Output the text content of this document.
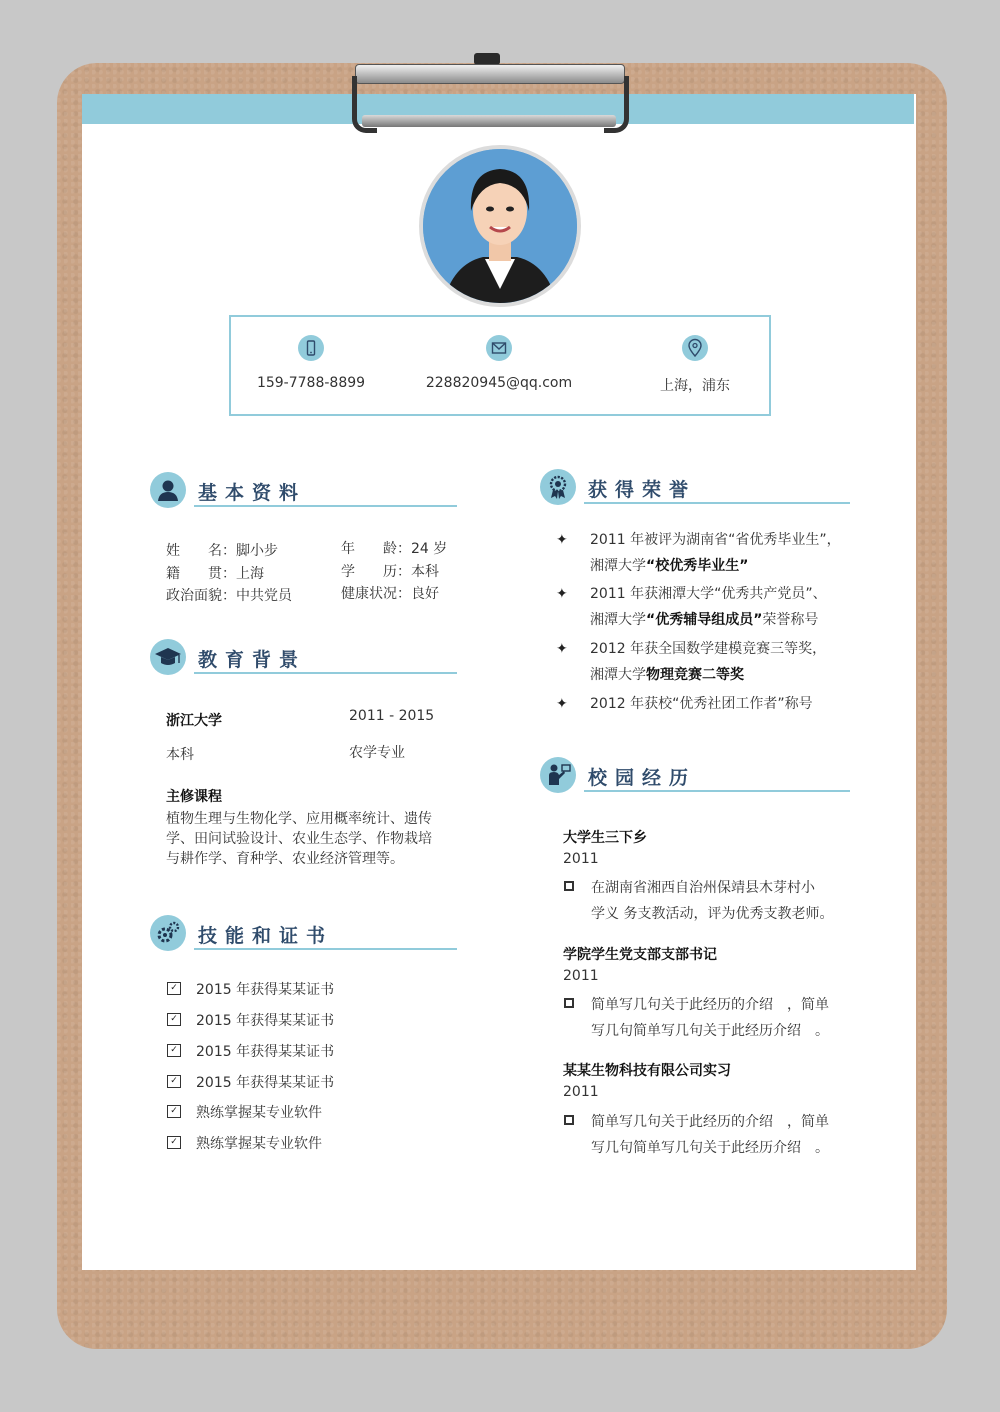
159-7788-8899	228820945@qq.com	上海，浦东
基本资料
姓　　名：脚小步	年　　龄：24 岁
籍　　贯：上海	学　　历：本科
政治面貌：中共党员	健康状况：良好
教育背景
浙江大学	2011 - 2015
本科	农学专业
主修课程
植物生理与生物化学、应用概率统计、遗传
学、田问试验设计、农业生态学、作物栽培
与耕作学、育种学、农业经济管理等。
技能和证书
✓ 2015 年获得某某证书
✓ 2015 年获得某某证书
✓ 2015 年获得某某证书
✓ 2015 年获得某某证书
✓ 熟练掌握某专业软件
✓ 熟练掌握某专业软件
获得荣誉
✦ 2011 年被评为湖南省“省优秀毕业生”，
湘潭大学“校优秀毕业生”
✦ 2011 年获湘潭大学“优秀共产党员”、
湘潭大学“优秀辅导组成员”荣誉称号
✦ 2012 年获全国数学建模竞赛三等奖，
湘潭大学物理竞赛二等奖
✦ 2012 年获校“优秀社团工作者”称号
校园经历
大学生三下乡
2011
在湖南省湘西自治州保靖县木芽村小
学义 务支教活动，评为优秀支教老师。
学院学生党支部支部书记
2011
简单写几句关于此经历的介绍　，简单
写几句简单写几句关于此经历介绍　。
某某生物科技有限公司实习
2011
简单写几句关于此经历的介绍　，简单
写几句简单写几句关于此经历介绍　。
